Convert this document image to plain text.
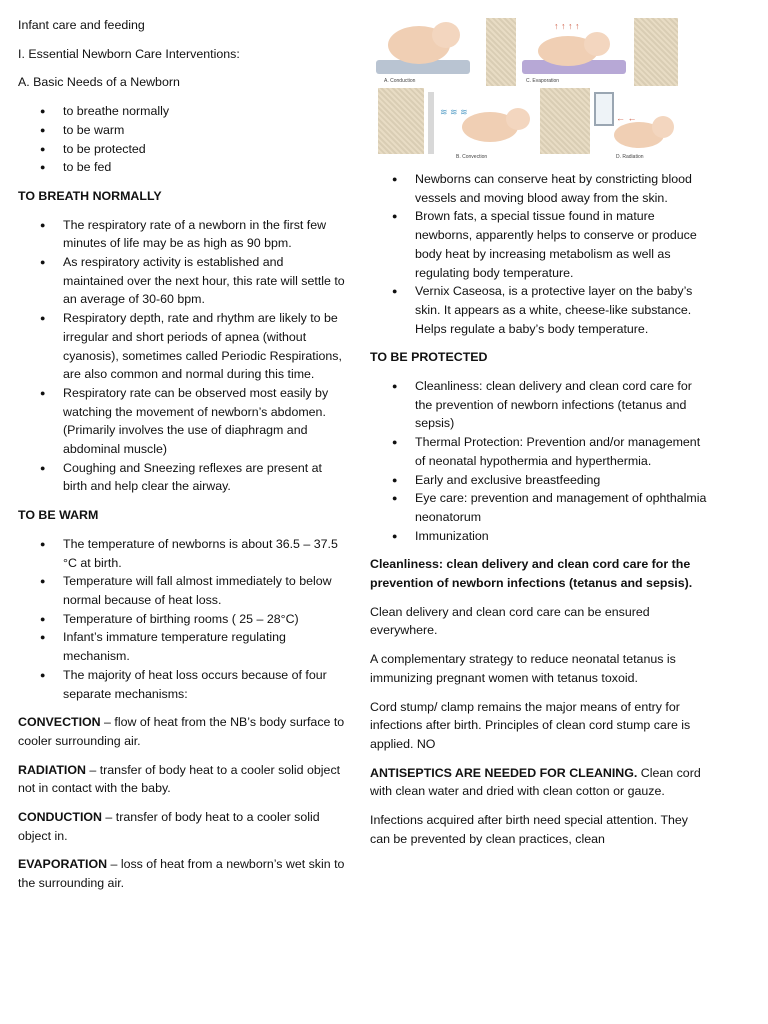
Infant care and feeding

I. Essential Newborn Care Interventions:

A. Basic Needs of a Newborn

● to breathe normally
● to be warm
● to be protected
● to be fed

TO BREATH NORMALLY

● The respiratory rate of a newborn in the first few minutes of life may be as high as 90 bpm.
● As respiratory activity is established and maintained over the next hour, this rate will settle to an average of 30-60 bpm.
● Respiratory depth, rate and rhythm are likely to be irregular and short periods of apnea (without cyanosis), sometimes called Periodic Respirations, are also common and normal during this time.
● Respiratory rate can be observed most easily by watching the movement of newborn’s abdomen. (Primarily involves the use of diaphragm and abdominal muscle)
● Coughing and Sneezing reflexes are present at birth and help clear the airway.

TO BE WARM

● The temperature of newborns is about 36.5 – 37.5 °C at birth.
● Temperature will fall almost immediately to below normal because of heat loss.
● Temperature of birthing rooms ( 25 – 28°C)
● Infant’s immature temperature regulating mechanism.
● The majority of heat loss occurs because of four separate mechanisms:

CONVECTION – flow of heat from the NB’s body surface to cooler surrounding air.

RADIATION – transfer of body heat to a cooler solid object not in contact with the baby.

CONDUCTION – transfer of body heat to a cooler solid object in.

EVAPORATION – loss of heat from a newborn’s wet skin to the surrounding air.

A. Conduction
↑ ↑ ↑ ↑
C. Evaporation
≋ ≋ ≋
B. Convection
← ←
D. Radiation
● Newborns can conserve heat by constricting blood vessels and moving blood away from the skin.
● Brown fats, a special tissue found in mature newborns, apparently helps to conserve or produce body heat by increasing metabolism as well as regulating body temperature.
● Vernix Caseosa, is a protective layer on the baby’s skin. It appears as a white, cheese-like substance. Helps regulate a baby’s body temperature.

TO BE PROTECTED

● Cleanliness: clean delivery and clean cord care for the prevention of newborn infections (tetanus and sepsis)
● Thermal Protection: Prevention and/or management of neonatal hypothermia and hyperthermia.
● Early and exclusive breastfeeding
● Eye care: prevention and management of ophthalmia neonatorum
● Immunization

Cleanliness: clean delivery and clean cord care for the prevention of newborn infections (tetanus and sepsis).

Clean delivery and clean cord care can be ensured everywhere.

A complementary strategy to reduce neonatal tetanus is immunizing pregnant women with tetanus toxoid.

Cord stump/ clamp remains the major means of entry for infections after birth. Principles of clean cord stump care is applied. NO

ANTISEPTICS ARE NEEDED FOR CLEANING. Clean cord with clean water and dried with clean cotton or gauze.

Infections acquired after birth need special attention. They can be prevented by clean practices, clean
